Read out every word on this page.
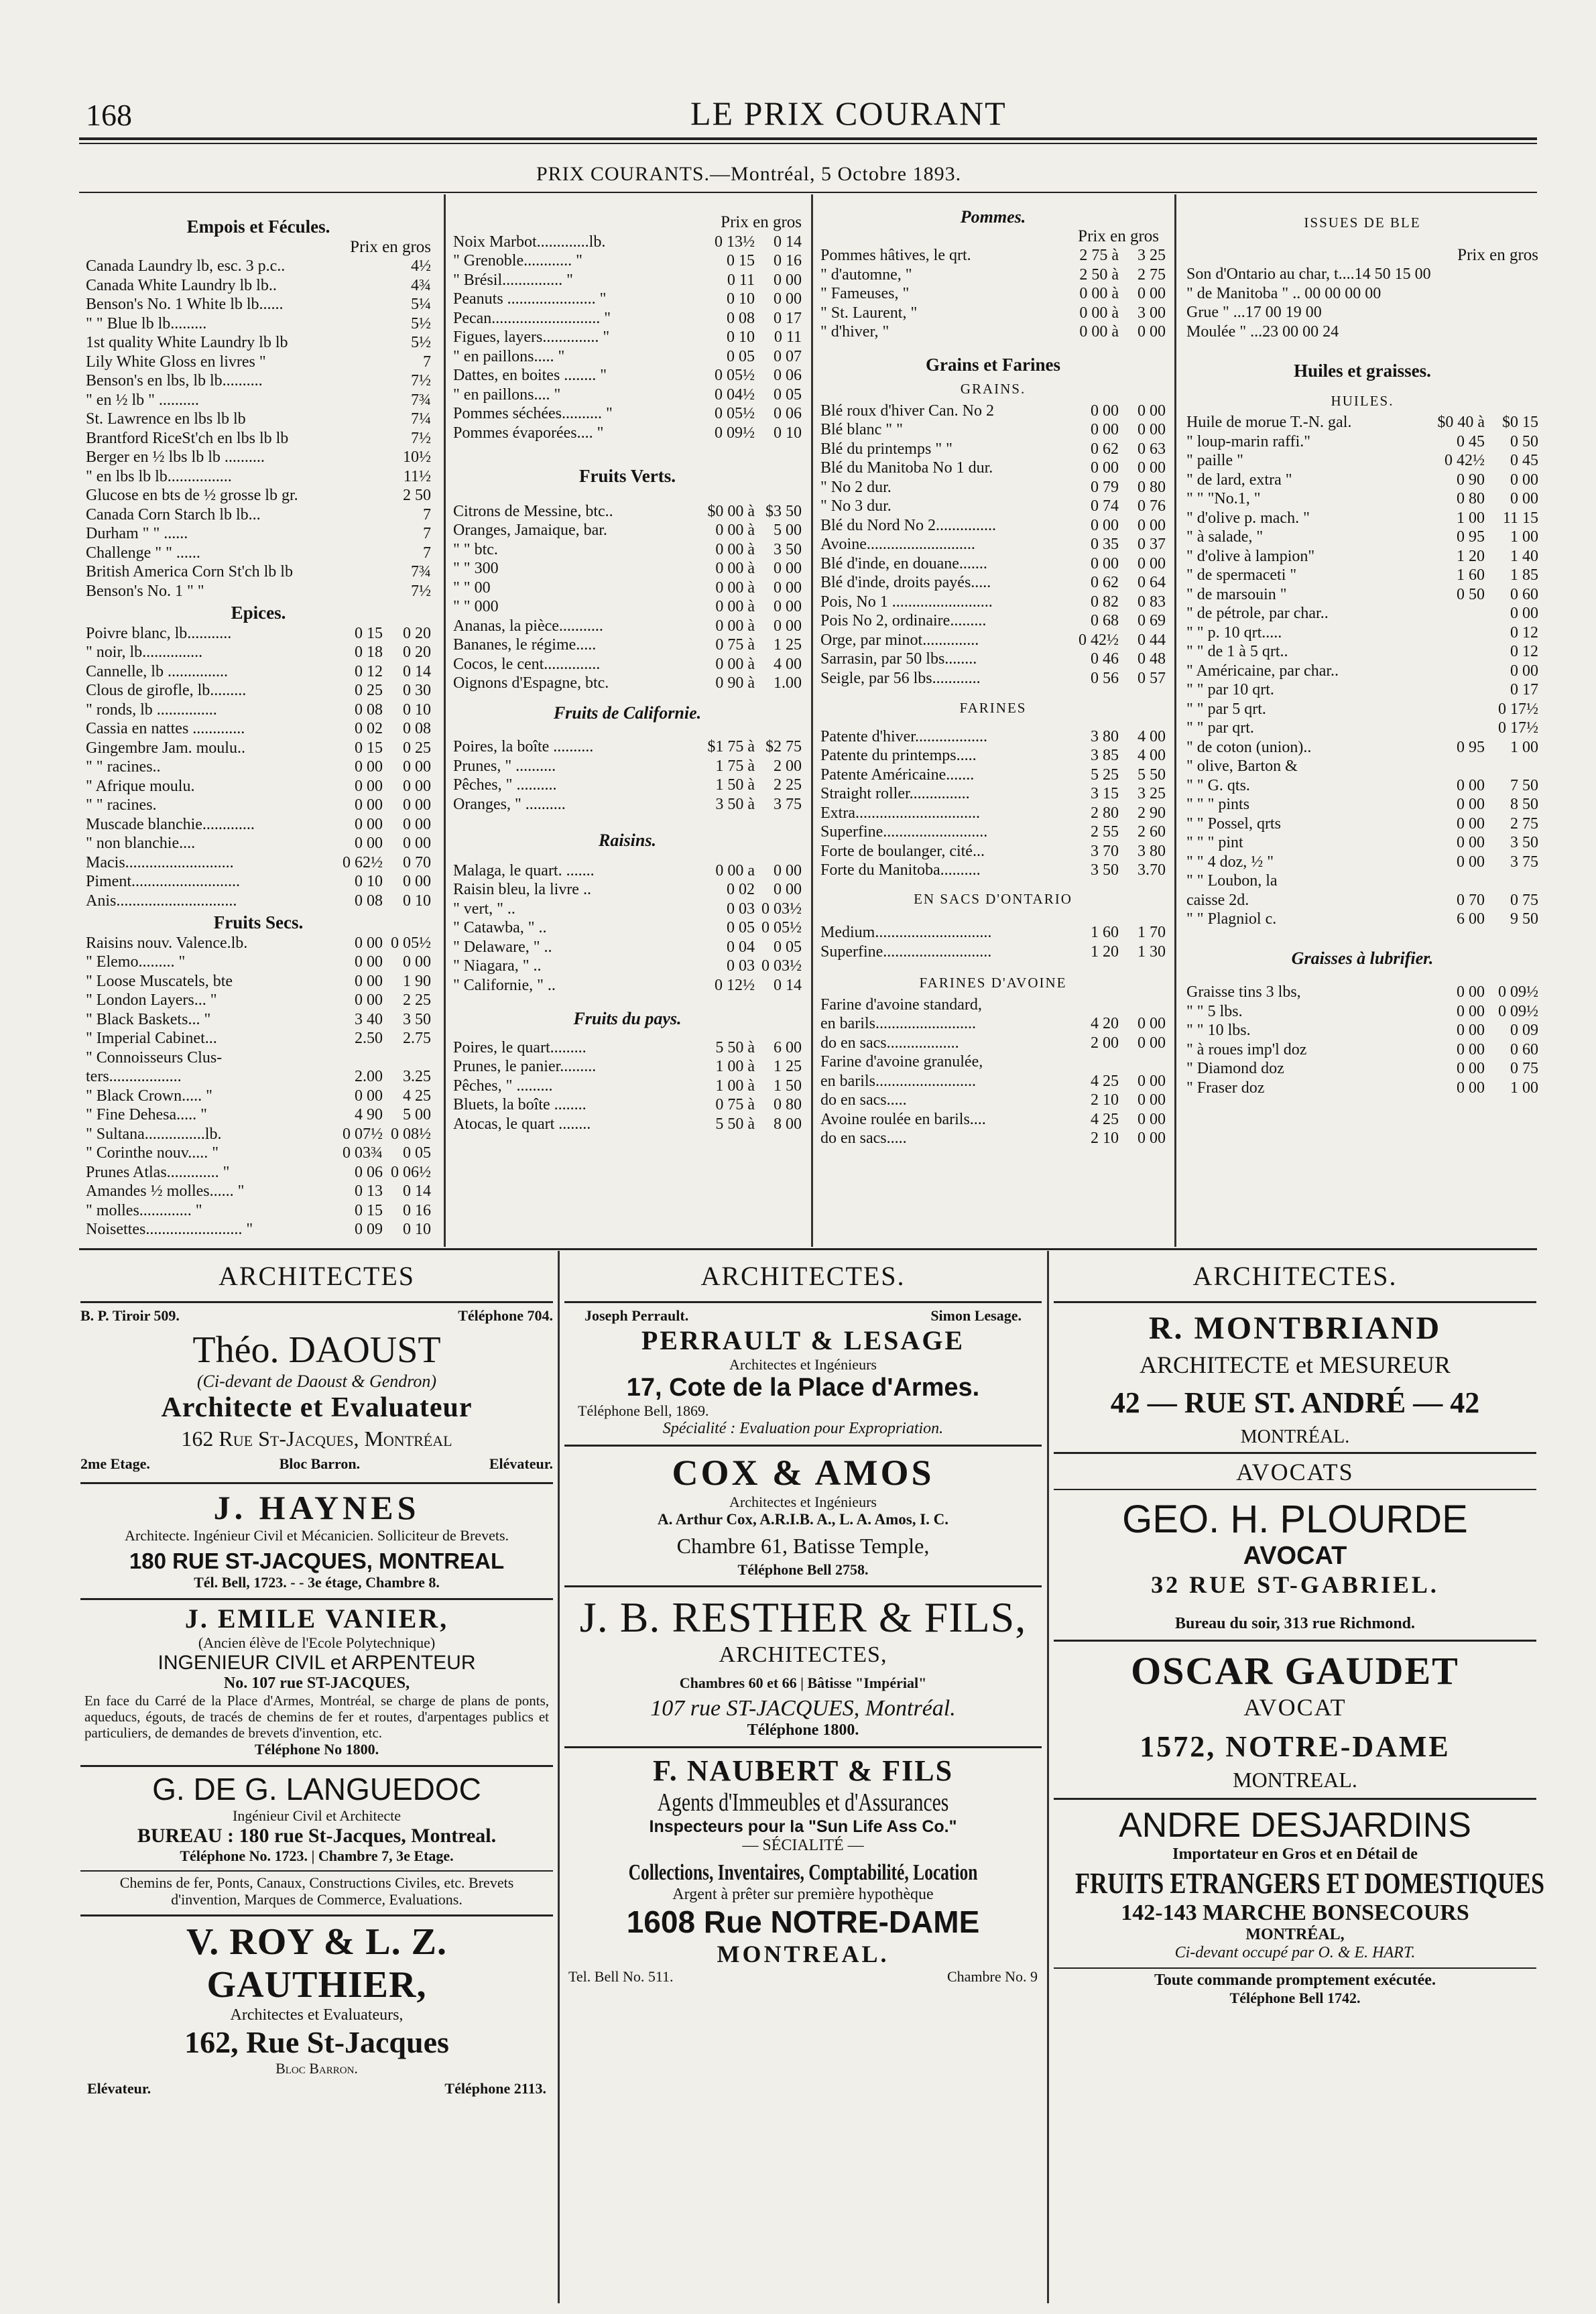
168	LE PRIX COURANT
PRIX COURANTS.—Montréal, 5 Octobre 1893.
Empois et Fécules.
Prix en gros
Canada Laundry lb, esc. 3 p.c..	4½
Canada White Laundry lb lb..	4¾
Benson's No. 1 White lb lb......	5¼
" " Blue lb lb.........	5½
1st quality White Laundry lb lb	5½
Lily White Gloss en livres "	7
Benson's en lbs, lb lb..........	7½
" en ½ lb " ..........	7¾
St. Lawrence en lbs lb lb	7¼
Brantford RiceSt'ch en lbs lb lb	7½
Berger en ½ lbs lb lb ..........	10½
" en lbs lb lb................	11½
Glucose en bts de ½ grosse lb gr.	2 50
Canada Corn Starch lb lb...	7
Durham " " ......	7
Challenge " " ......	7
British America Corn St'ch lb lb	7¾
Benson's No. 1 " "	7½
Epices.
Poivre blanc, lb...........	0 15	0 20
" noir, lb...............	0 18	0 20
Cannelle, lb ...............	0 12	0 14
Clous de girofle, lb.........	0 25	0 30
" ronds, lb ...............	0 08	0 10
Cassia en nattes .............	0 02	0 08
Gingembre Jam. moulu..	0 15	0 25
" " racines..	0 00	0 00
" Afrique moulu.	0 00	0 00
" " racines.	0 00	0 00
Muscade blanchie.............	0 00	0 00
" non blanchie....	0 00	0 00
Macis...........................	0 62½	0 70
Piment...........................	0 10	0 00
Anis..............................	0 08	0 10
Fruits Secs.
Raisins nouv. Valence.lb.	0 00 0 05½
" Elemo......... "	0 00	0 00
" Loose Muscatels, bte	0 00	1 90
" London Layers... "	0 00	2 25
" Black Baskets... "	3 40	3 50
" Imperial Cabinet...	2.50	2.75
" Connoisseurs Clus-
ters..................	2.00	3.25
" Black Crown..... "	0 00	4 25
" Fine Dehesa..... "	4 90	5 00
" Sultana...............lb.	0 07½ 0 08½
" Corinthe nouv..... "	0 03¾	0 05
Prunes Atlas............. "	0 06 0 06½
Amandes ½ molles...... "	0 13	0 14
" molles............. "	0 15	0 16
Noisettes........................ "	0 09	0 10
Prix en gros
Noix Marbot.............lb.	0 13½	0 14
" Grenoble............ "	0 15	0 16
" Brésil............... "	0 11	0 00
Peanuts ...................... "	0 10	0 00
Pecan........................... "	0 08	0 17
Figues, layers.............. "	0 10	0 11
" en paillons..... "	0 05	0 07
Dattes, en boites ........ "	0 05½	0 06
" en paillons.... "	0 04½	0 05
Pommes séchées.......... "	0 05½	0 06
Pommes évaporées.... "	0 09½	0 10
Fruits Verts.
Citrons de Messine, btc..	$0 00 à $3 50
Oranges, Jamaique, bar.	0 00 à	5 00
" " btc.	0 00 à	3 50
" " 300	0 00 à	0 00
" " 00	0 00 à	0 00
" " 000	0 00 à	0 00
Ananas, la pièce...........	0 00 à	0 00
Bananes, le régime.....	0 75 à	1 25
Cocos, le cent..............	0 00 à	4 00
Oignons d'Espagne, btc.	0 90 à	1.00
Fruits de Californie.
Poires, la boîte ..........	$1 75 à $2 75
Prunes, " ..........	1 75 à	2 00
Pêches, " ..........	1 50 à	2 25
Oranges, " ..........	3 50 à	3 75
Raisins.
Malaga, le quart. .......	0 00 a	0 00
Raisin bleu, la livre ..	0 02	0 00
" vert, " ..	0 03 0 03½
" Catawba, " ..	0 05 0 05½
" Delaware, " ..	0 04	0 05
" Niagara, " ..	0 03 0 03½
" Californie, " ..	0 12½	0 14
Fruits du pays.
Poires, le quart.........	5 50 à	6 00
Prunes, le panier.........	1 00 à	1 25
Pêches, " .........	1 00 à	1 50
Bluets, la boîte ........	0 75 à	0 80
Atocas, le quart ........	5 50 à	8 00
Pommes.
Prix en gros
Pommes hâtives, le qrt.	2 75 à	3 25
" d'automne, "	2 50 à	2 75
" Fameuses, "	0 00 à	0 00
" St. Laurent, "	0 00 à	3 00
" d'hiver, "	0 00 à	0 00
Grains et Farines
GRAINS.
Blé roux d'hiver Can. No 2	0 00	0 00
Blé blanc " "	0 00	0 00
Blé du printemps " "	0 62	0 63
Blé du Manitoba No 1 dur.	0 00	0 00
" No 2 dur.	0 79	0 80
" No 3 dur.	0 74	0 76
Blé du Nord No 2...............	0 00	0 00
Avoine...........................	0 35	0 37
Blé d'inde, en douane.......	0 00	0 00
Blé d'inde, droits payés.....	0 62	0 64
Pois, No 1 .........................	0 82	0 83
Pois No 2, ordinaire.........	0 68	0 69
Orge, par minot..............	0 42½	0 44
Sarrasin, par 50 lbs........	0 46	0 48
Seigle, par 56 lbs............	0 56	0 57
FARINES
Patente d'hiver..................	3 80	4 00
Patente du printemps.....	3 85	4 00
Patente Américaine.......	5 25	5 50
Straight roller...............	3 15	3 25
Extra...............................	2 80	2 90
Superfine..........................	2 55	2 60
Forte de boulanger, cité...	3 70	3 80
Forte du Manitoba..........	3 50	3.70
EN SACS D'ONTARIO
Medium.............................	1 60	1 70
Superfine...........................	1 20	1 30
FARINES D'AVOINE
Farine d'avoine standard,
en barils.........................	4 20	0 00
do en sacs..................	2 00	0 00
Farine d'avoine granulée,
en barils.........................	4 25	0 00
do en sacs.....	2 10	0 00
Avoine roulée en barils....	4 25	0 00
do en sacs.....	2 10	0 00
ISSUES DE BLE
Prix en gros
Son d'Ontario au char, t....14 50 15 00
" de Manitoba " .. 00 00 00 00
Grue " ...17 00 19 00
Moulée " ...23 00 00 24
Huiles et graisses.
HUILES.
Huile de morue T.-N. gal.	$0 40 à	$0 15
" loup-marin raffi."	0 45	0 50
" paille "	0 42½	0 45
" de lard, extra "	0 90	0 00
" " "No.1, "	0 80	0 00
" d'olive p. mach. "	1 00	11 15
" à salade, "	0 95	1 00
" d'olive à lampion"	1 20	1 40
" de spermaceti "	1 60	1 85
" de marsouin "	0 50	0 60
" de pétrole, par char..	0 00
" " p. 10 qrt.....	0 12
" " de 1 à 5 qrt..	0 12
" Américaine, par char..	0 00
" " par 10 qrt.	0 17
" " par 5 qrt.	0 17½
" " par qrt.	0 17½
" de coton (union)..	0 95	1 00
" olive, Barton &
" " G. qts.	0 00	7 50
" " " pints	0 00	8 50
" " Possel, qrts	0 00	2 75
" " " pint	0 00	3 50
" " 4 doz, ½ "	0 00	3 75
" " Loubon, la
caisse 2d.	0 70	0 75
" " Plagniol c.	6 00	9 50
Graisses à lubrifier.
Graisse tins 3 lbs,	0 00 0 09½
" " 5 lbs.	0 00 0 09½
" " 10 lbs.	0 00	0 09
" à roues imp'l doz	0 00	0 60
" Diamond doz	0 00	0 75
" Fraser doz	0 00	1 00
ARCHITECTES
B. P. Tiroir 509.	Téléphone 704.
Théo. DAOUST
(Ci-devant de Daoust & Gendron)
Architecte et Evaluateur
162 Rue St-Jacques, Montréal
2me Etage.	Bloc Barron.	Elévateur.
J. HAYNES
Architecte. Ingénieur Civil et Mécanicien. Solliciteur de Brevets.
180 RUE ST-JACQUES, MONTREAL
Tél. Bell, 1723. - - 3e étage, Chambre 8.
J. EMILE VANIER,
(Ancien élève de l'Ecole Polytechnique)
INGENIEUR CIVIL et ARPENTEUR
No. 107 rue ST-JACQUES,
En face du Carré de la Place d'Armes, Montréal, se charge de plans de ponts, aqueducs, égouts, de tracés de chemins de fer et routes, d'arpentages publics et particuliers, de demandes de brevets d'invention, etc.
Téléphone No 1800.
G. DE G. LANGUEDOC
Ingénieur Civil et Architecte
BUREAU : 180 rue St-Jacques, Montreal.
Téléphone No. 1723. | Chambre 7, 3e Etage.
Chemins de fer, Ponts, Canaux, Constructions Civiles, etc. Brevets d'invention, Marques de Commerce, Evaluations.
V. ROY & L. Z. GAUTHIER,
Architectes et Evaluateurs,
162, Rue St-Jacques
Bloc Barron.
Elévateur.	Téléphone 2113.
ARCHITECTES.
Joseph Perrault.	Simon Lesage.
PERRAULT & LESAGE
Architectes et Ingénieurs
17, Cote de la Place d'Armes.
Téléphone Bell, 1869.
Spécialité : Evaluation pour Expropriation.
COX & AMOS
Architectes et Ingénieurs
A. Arthur Cox, A.R.I.B. A., L. A. Amos, I. C.
Chambre 61, Batisse Temple,
Téléphone Bell 2758.
J. B. RESTHER & FILS,
ARCHITECTES,
Chambres 60 et 66 | Bâtisse "Impérial"
107 rue ST-JACQUES, Montréal.
Téléphone 1800.
F. NAUBERT & FILS
Agents d'Immeubles et d'Assurances
Inspecteurs pour la "Sun Life Ass Co."
— SÉCIALITÉ —
Collections, Inventaires, Comptabilité, Location
Argent à prêter sur première hypothèque
1608 Rue NOTRE-DAME
MONTREAL.
Tel. Bell No. 511.	Chambre No. 9
ARCHITECTES.
R. MONTBRIAND
ARCHITECTE et MESUREUR
42 — RUE ST. ANDRÉ — 42
MONTRÉAL.
AVOCATS
GEO. H. PLOURDE
AVOCAT
32 RUE ST-GABRIEL.
Bureau du soir, 313 rue Richmond.
OSCAR GAUDET
AVOCAT
1572, NOTRE-DAME
MONTREAL.
ANDRE DESJARDINS
Importateur en Gros et en Détail de
FRUITS ETRANGERS ET DOMESTIQUES
142-143 MARCHE BONSECOURS
MONTRÉAL,
Ci-devant occupé par O. & E. HART.
Toute commande promptement exécutée.
Téléphone Bell 1742.
